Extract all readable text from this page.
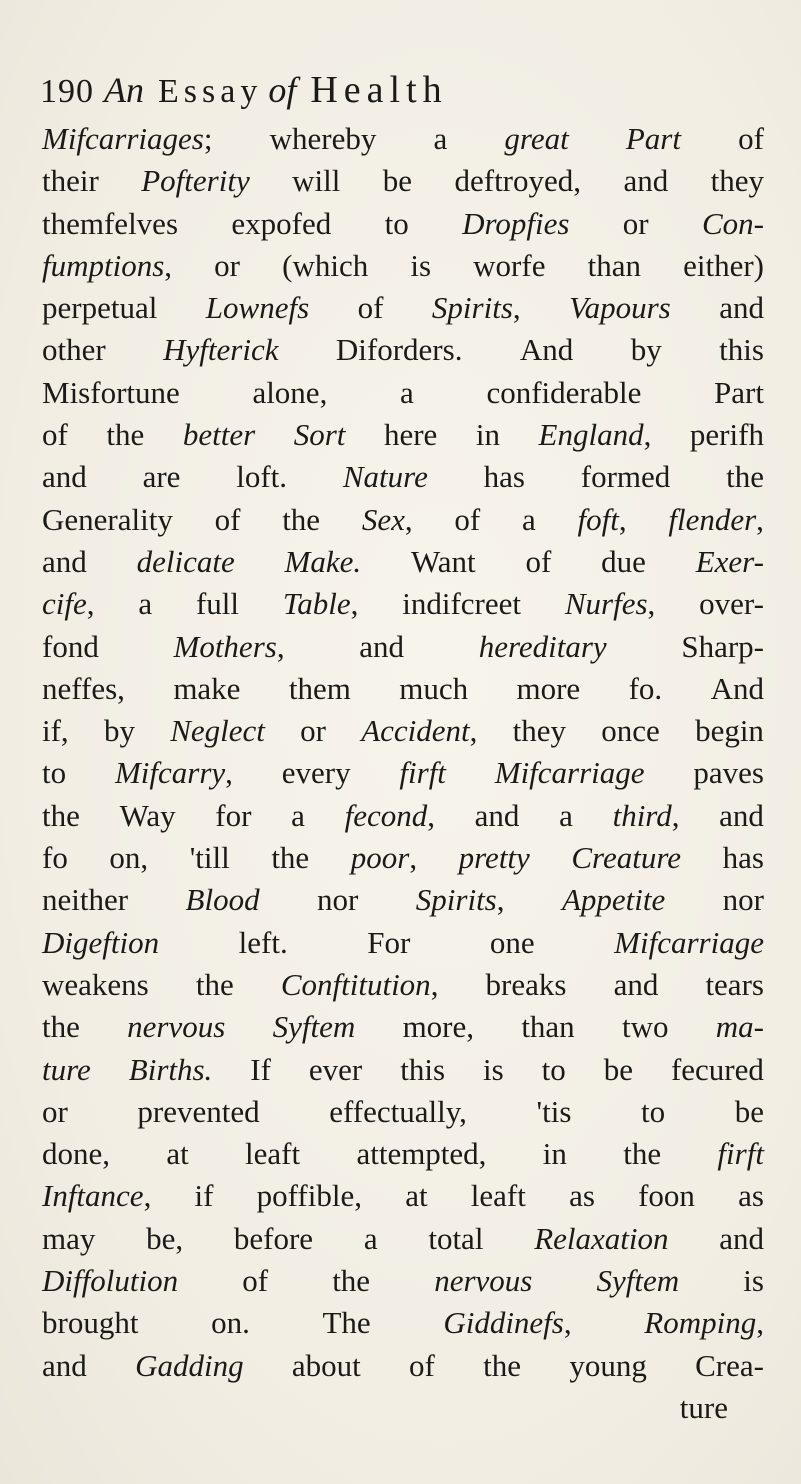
190 An Essay of Health
Mifcarriages; whereby a great Part of
their Pofterity will be deftroyed, and they
themfelves expofed to Dropfies or Con-
fumptions, or (which is worfe than either)
perpetual Lownefs of Spirits, Vapours and
other Hyfterick Diforders. And by this
Misfortune alone, a confiderable Part
of the better Sort here in England, perifh
and are loft. Nature has formed the
Generality of the Sex, of a foft, flender,
and delicate Make. Want of due Exer-
cife, a full Table, indifcreet Nurfes, over-
fond Mothers, and hereditary Sharp-
neffes, make them much more fo. And
if, by Neglect or Accident, they once begin
to Mifcarry, every firft Mifcarriage paves
the Way for a fecond, and a third, and
fo on, 'till the poor, pretty Creature has
neither Blood nor Spirits, Appetite nor
Digeftion	left.	For	one	Mifcarriage
weakens the Conftitution, breaks and tears
the nervous Syftem more, than two ma-
ture Births. If ever this is to be fecured
or prevented effectually, 'tis to be
done, at leaft attempted, in the firft
Inftance, if poffible, at leaft as foon as
may be, before a total Relaxation and
Diffolution of the nervous Syftem is
brought on. The Giddinefs, Romping,
and Gadding about of the young Crea-
ture
